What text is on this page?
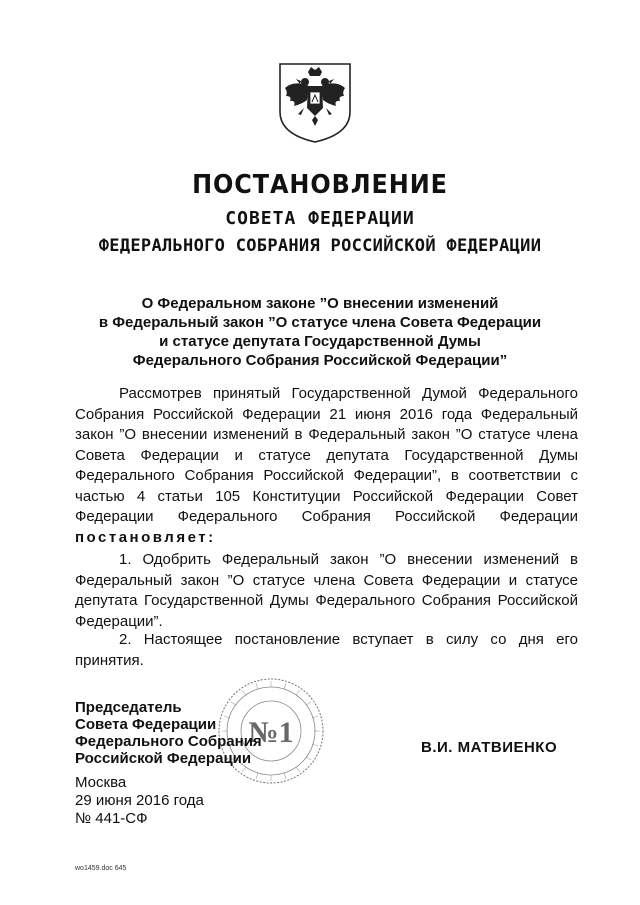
ПОСТАНОВЛЕНИЕ
СОВЕТА ФЕДЕРАЦИИ
ФЕДЕРАЛЬНОГО СОБРАНИЯ РОССИЙСКОЙ ФЕДЕРАЦИИ
О Федеральном законе ”О внесении изменений
в Федеральный закон ”О статусе члена Совета Федерации
и статусе депутата Государственной Думы
Федерального Собрания Российской Федерации”
Рассмотрев принятый Государственной Думой Федерального Собрания Российской Федерации 21 июня 2016 года Федеральный закон ”О внесении изменений в Федеральный закон ”О статусе члена Совета Федерации и статусе депутата Государственной Думы Федерального Собрания Российской Федерации”, в соответствии с частью 4 статьи 105 Конституции Российской Федерации Совет Федерации Федерального Собрания Российской Федерации постановляет:
1. Одобрить Федеральный закон ”О внесении изменений в Федеральный закон ”О статусе члена Совета Федерации и статусе депутата Государственной Думы Федерального Собрания Российской Федерации”.
2. Настоящее постановление вступает в силу со дня его принятия.
№1
Председатель
Совета Федерации
Федерального Собрания
Российской Федерации
В.И. МАТВИЕНКО
Москва
29 июня 2016 года
№ 441-СФ
wo1459.doc 645
